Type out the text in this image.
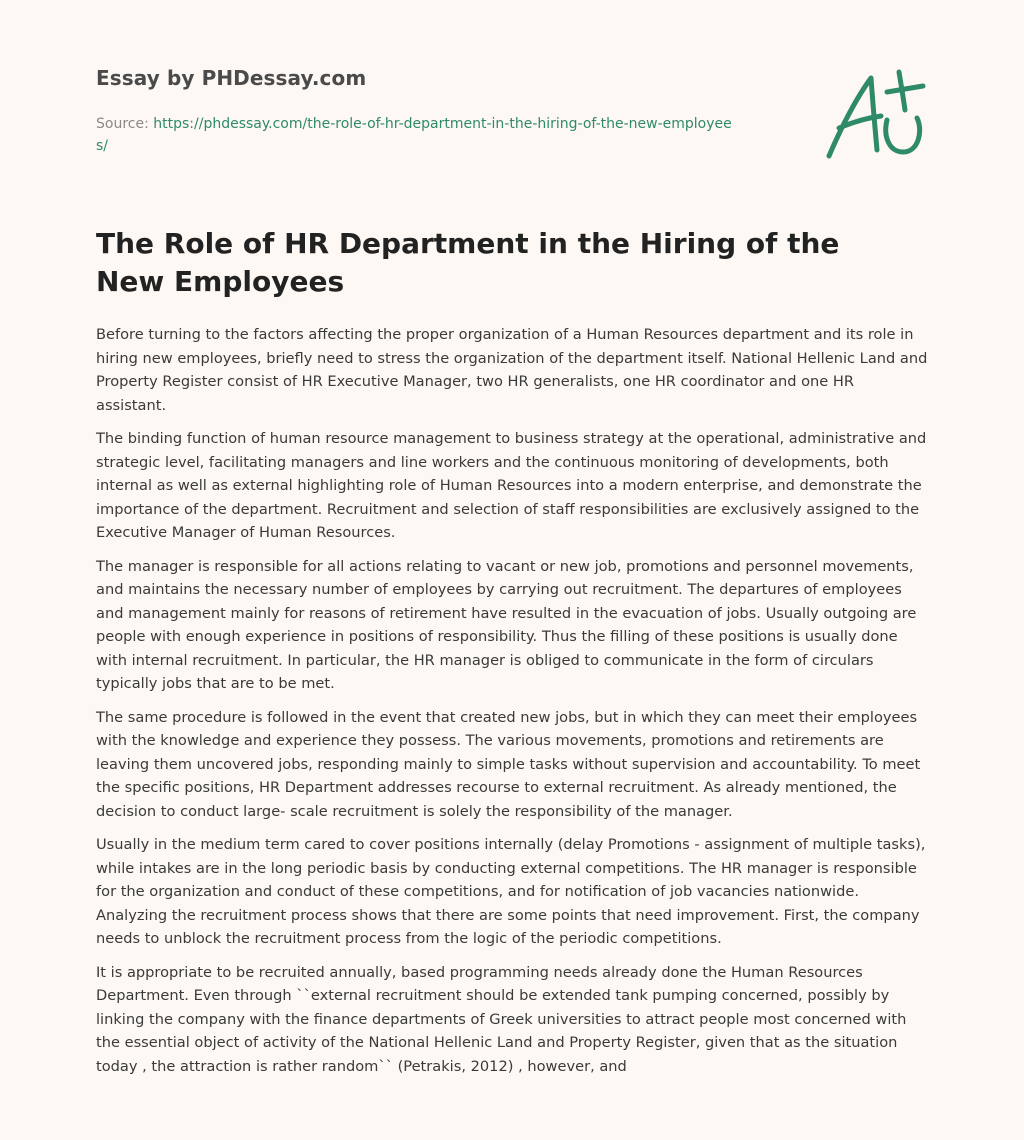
Essay by PHDessay.com
Source: https://phdessay.com/the-role-of-hr-department-in-the-hiring-of-the-new-employees/
The Role of HR Department in the Hiring of the New Employees

Before turning to the factors affecting the proper organization of a Human Resources department and its role in hiring new employees, briefly need to stress the organization of the department itself. National Hellenic Land and Property Register consist of HR Executive Manager, two HR generalists, one HR coordinator and one HR assistant.

The binding function of human resource management to business strategy at the operational, administrative and strategic level, facilitating managers and line workers and the continuous monitoring of developments, both internal as well as external highlighting role of Human Resources into a modern enterprise, and demonstrate the importance of the department. Recruitment and selection of staff responsibilities are exclusively assigned to the Executive Manager of Human Resources.

The manager is responsible for all actions relating to vacant or new job, promotions and personnel movements, and maintains the necessary number of employees by carrying out recruitment. The departures of employees and management mainly for reasons of retirement have resulted in the evacuation of jobs. Usually outgoing are people with enough experience in positions of responsibility. Thus the filling of these positions is usually done with internal recruitment. In particular, the HR manager is obliged to communicate in the form of circulars typically jobs that are to be met.

The same procedure is followed in the event that created new jobs, but in which they can meet their employees with the knowledge and experience they possess. The various movements, promotions and retirements are leaving them uncovered jobs, responding mainly to simple tasks without supervision and accountability. To meet the specific positions, HR Department addresses recourse to external recruitment. As already mentioned, the decision to conduct large- scale recruitment is solely the responsibility of the manager.

Usually in the medium term cared to cover positions internally (delay Promotions - assignment of multiple tasks), while intakes are in the long periodic basis by conducting external competitions. The HR manager is responsible for the organization and conduct of these competitions, and for notification of job vacancies nationwide. Analyzing the recruitment process shows that there are some points that need improvement. First, the company needs to unblock the recruitment process from the logic of the periodic competitions.

It is appropriate to be recruited annually, based programming needs already done the Human Resources Department. Even through ``external recruitment should be extended tank pumping concerned, possibly by linking the company with the finance departments of Greek universities to attract people most concerned with the essential object of activity of the National Hellenic Land and Property Register, given that as the situation today , the attraction is rather random`` (Petrakis, 2012) , however, and
